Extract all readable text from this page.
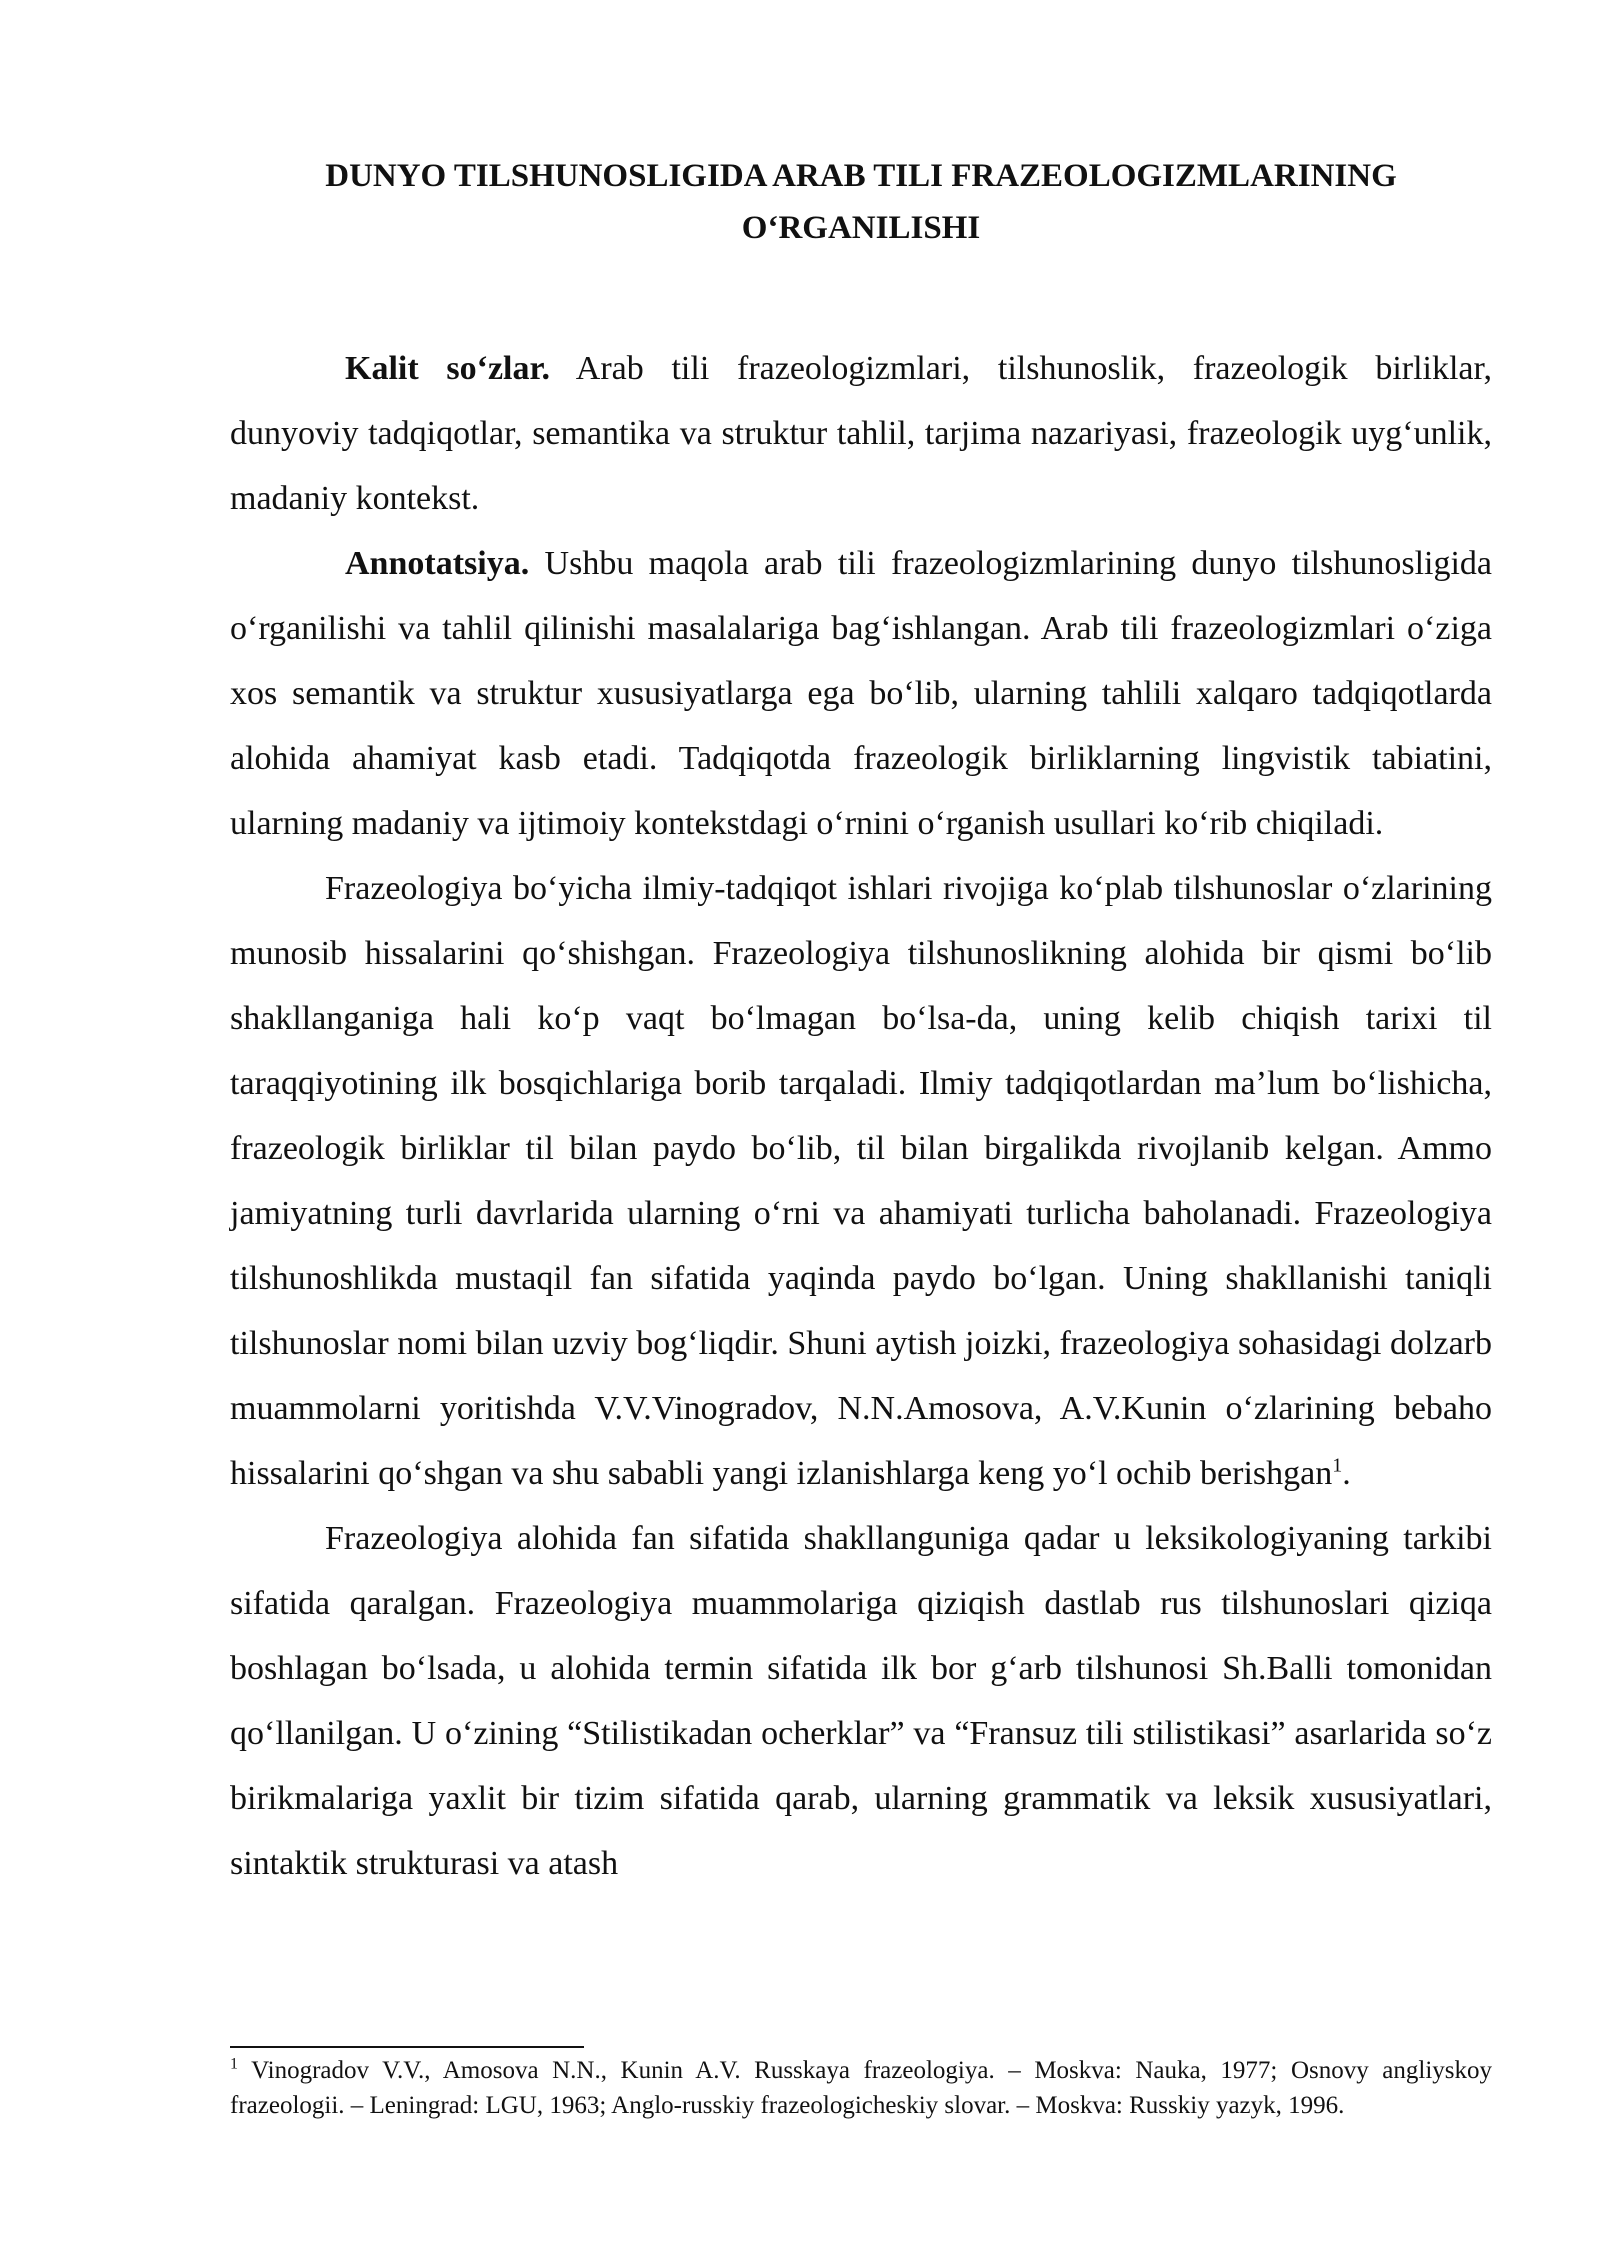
DUNYO TILSHUNOSLIGIDA ARAB TILI FRAZEOLOGIZMLARINING
O‘RGANILISHI

Kalit so‘zlar. Arab tili frazeologizmlari, tilshunoslik, frazeologik birliklar, dunyoviy tadqiqotlar, semantika va struktur tahlil, tarjima nazariyasi, frazeologik uyg‘unlik, madaniy kontekst.

Annotatsiya. Ushbu maqola arab tili frazeologizmlarining dunyo tilshunosligida o‘rganilishi va tahlil qilinishi masalalariga bag‘ishlangan. Arab tili frazeologizmlari o‘ziga xos semantik va struktur xususiyatlarga ega bo‘lib, ularning tahlili xalqaro tadqiqotlarda alohida ahamiyat kasb etadi. Tadqiqotda frazeologik birliklarning lingvistik tabiatini, ularning madaniy va ijtimoiy kontekstdagi o‘rnini o‘rganish usullari ko‘rib chiqiladi.

Frazeologiya bo‘yicha ilmiy-tadqiqot ishlari rivojiga ko‘plab tilshunoslar o‘zlarining munosib hissalarini qo‘shishgan. Frazeologiya tilshunoslikning alohida bir qismi bo‘lib shakllanganiga hali ko‘p vaqt bo‘lmagan bo‘lsa-da, uning kelib chiqish tarixi til taraqqiyotining ilk bosqichlariga borib tarqaladi. Ilmiy tadqiqotlardan ma’lum bo‘lishicha, frazeologik birliklar til bilan paydo bo‘lib, til bilan birgalikda rivojlanib kelgan. Ammo jamiyatning turli davrlarida ularning o‘rni va ahamiyati turlicha baholanadi. Frazeologiya tilshunoshlikda mustaqil fan sifatida yaqinda paydo bo‘lgan. Uning shakllanishi taniqli tilshunoslar nomi bilan uzviy bog‘liqdir. Shuni aytish joizki, frazeologiya sohasidagi dolzarb muammolarni yoritishda V.V.Vinogradov, N.N.Amosova, A.V.Kunin o‘zlarining bebaho hissalarini qo‘shgan va shu sababli yangi izlanishlarga keng yo‘l ochib berishgan$^1$.

Frazeologiya alohida fan sifatida shakllanguniga qadar u leksikologiyaning tarkibi sifatida qaralgan. Frazeologiya muammolariga qiziqish dastlab rus tilshunoslari qiziqa boshlagan bo‘lsada, u alohida termin sifatida ilk bor g‘arb tilshunosi Sh.Balli tomonidan qo‘llanilgan. U o‘zining “Stilistikadan ocherklar” va “Fransuz tili stilistikasi” asarlarida so‘z birikmalariga yaxlit bir tizim sifatida qarab, ularning grammatik va leksik xususiyatlari, sintaktik strukturasi va atash

$^1$ Vinogradov V.V., Amosova N.N., Kunin A.V. Russkaya frazeologiya. – Moskva: Nauka, 1977; Osnovy angliyskoy frazeologii. – Leningrad: LGU, 1963; Anglo-russkiy frazeologicheskiy slovar. – Moskva: Russkiy yazyk, 1996.
